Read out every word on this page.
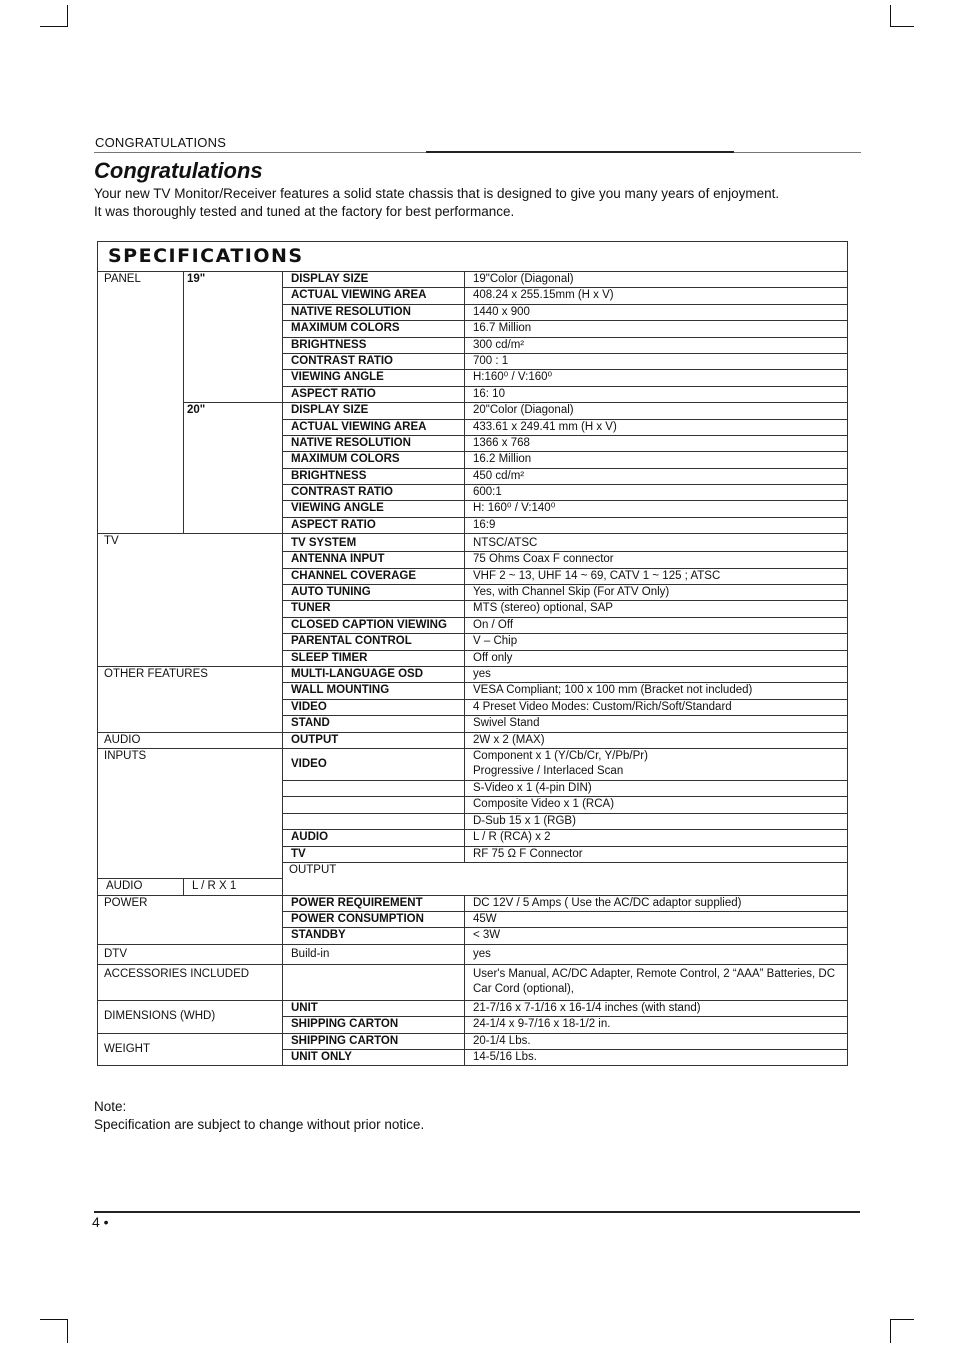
CONGRATULATIONS
Congratulations
Your new TV Monitor/Receiver features a solid state chassis that is designed to give you many years of enjoyment.
It was thoroughly tested and tuned at the factory for best performance.
SPECIFICATIONS				
PANEL	19"	DISPLAY SIZE	19"Color (Diagonal)	
		ACTUAL VIEWING AREA	408.24 x 255.15mm (H x V)	
		NATIVE RESOLUTION	1440 x 900	
		MAXIMUM COLORS	16.7 Million	
		BRIGHTNESS	300 cd/m²	
		CONTRAST RATIO	700 : 1	
		VIEWING ANGLE	H:160⁰ / V:160⁰	
		ASPECT RATIO	16: 10	
	20"	DISPLAY SIZE	20"Color (Diagonal)	
		ACTUAL VIEWING AREA	433.61 x 249.41 mm (H x V)	
		NATIVE RESOLUTION	1366 x 768	
		MAXIMUM COLORS	16.2 Million	
		BRIGHTNESS	450 cd/m²	
		CONTRAST RATIO	600:1	
		VIEWING ANGLE	H: 160⁰ / V:140⁰	
		ASPECT RATIO	16:9	
TV		TV SYSTEM	NTSC/ATSC	
		ANTENNA INPUT	75 Ohms Coax F connector	
		CHANNEL COVERAGE	VHF 2 ~ 13, UHF 14 ~ 69, CATV 1 ~ 125 ; ATSC	
		AUTO TUNING	Yes, with Channel Skip (For ATV Only)	
		TUNER	MTS (stereo) optional, SAP	
		CLOSED CAPTION VIEWING	On / Off	
		PARENTAL CONTROL	V – Chip	
		SLEEP TIMER	Off only	
OTHER FEATURES		MULTI-LANGUAGE OSD	yes	
		WALL MOUNTING	VESA Compliant; 100 x 100 mm (Bracket not included)	
		VIDEO	4 Preset Video Modes: Custom/Rich/Soft/Standard	
		STAND	Swivel Stand	
AUDIO		OUTPUT	2W x 2 (MAX)	
INPUTS		VIDEO	Component x 1 (Y/Cb/Cr, Y/Pb/Pr)
Progressive / Interlaced Scan	

			S-Video x 1 (4-pin DIN)	
			Composite Video x 1 (RCA)	
			D-Sub 15 x 1 (RGB)	
		AUDIO	L / R (RCA) x 2	
		TV	RF 75 Ω F Connector	
		OUTPUT		
AUDIO	L / R X 1			
POWER		POWER REQUIREMENT	DC 12V / 5 Amps ( Use the AC/DC adaptor supplied)	
		POWER CONSUMPTION	45W	
		STANDBY	< 3W	
DTV		Build-in	yes	
ACCESSORIES INCLUDED			User's Manual, AC/DC Adapter, Remote Control, 2 “AAA” Batteries, DC Car Cord (optional),	
DIMENSIONS (WHD)		UNIT	21-7/16 x 7-1/16 x 16-1/4 inches (with stand)	
		SHIPPING CARTON	24-1/4 x 9-7/16 x 18-1/2 in.	
WEIGHT		SHIPPING CARTON	20-1/4 Lbs.	
		UNIT ONLY	14-5/16 Lbs.	
Note:
Specification are subject to change without prior notice.
4 •
